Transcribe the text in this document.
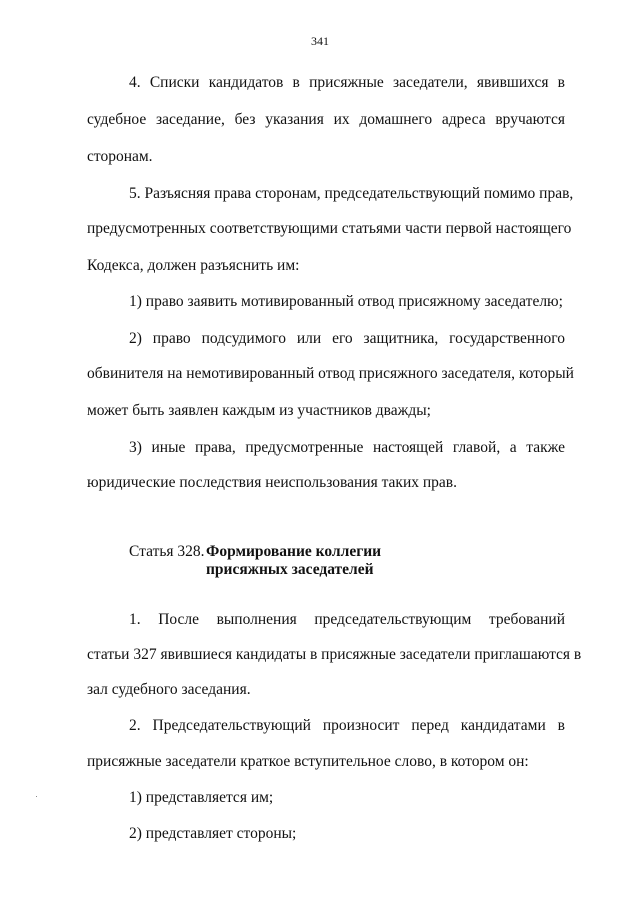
341
4. Списки кандидатов в присяжные заседатели, явившихся в
судебное заседание, без указания их домашнего адреса вручаются
сторонам.
5. Разъясняя права сторонам, председательствующий помимо прав,
предусмотренных соответствующими статьями части первой настоящего
Кодекса, должен разъяснить им:
1) право заявить мотивированный отвод присяжному заседателю;
2) право подсудимого или его защитника, государственного
обвинителя на немотивированный отвод присяжного заседателя, который
может быть заявлен каждым из участников дважды;
3) иные права, предусмотренные настоящей главой, а также
юридические последствия неиспользования таких прав.
Статья 328. Формирование коллегии
присяжных заседателей
1. После выполнения председательствующим требований
статьи 327 явившиеся кандидаты в присяжные заседатели приглашаются в
зал судебного заседания.
2. Председательствующий произносит перед кандидатами в
присяжные заседатели краткое вступительное слово, в котором он:
1) представляется им;
2) представляет стороны;
